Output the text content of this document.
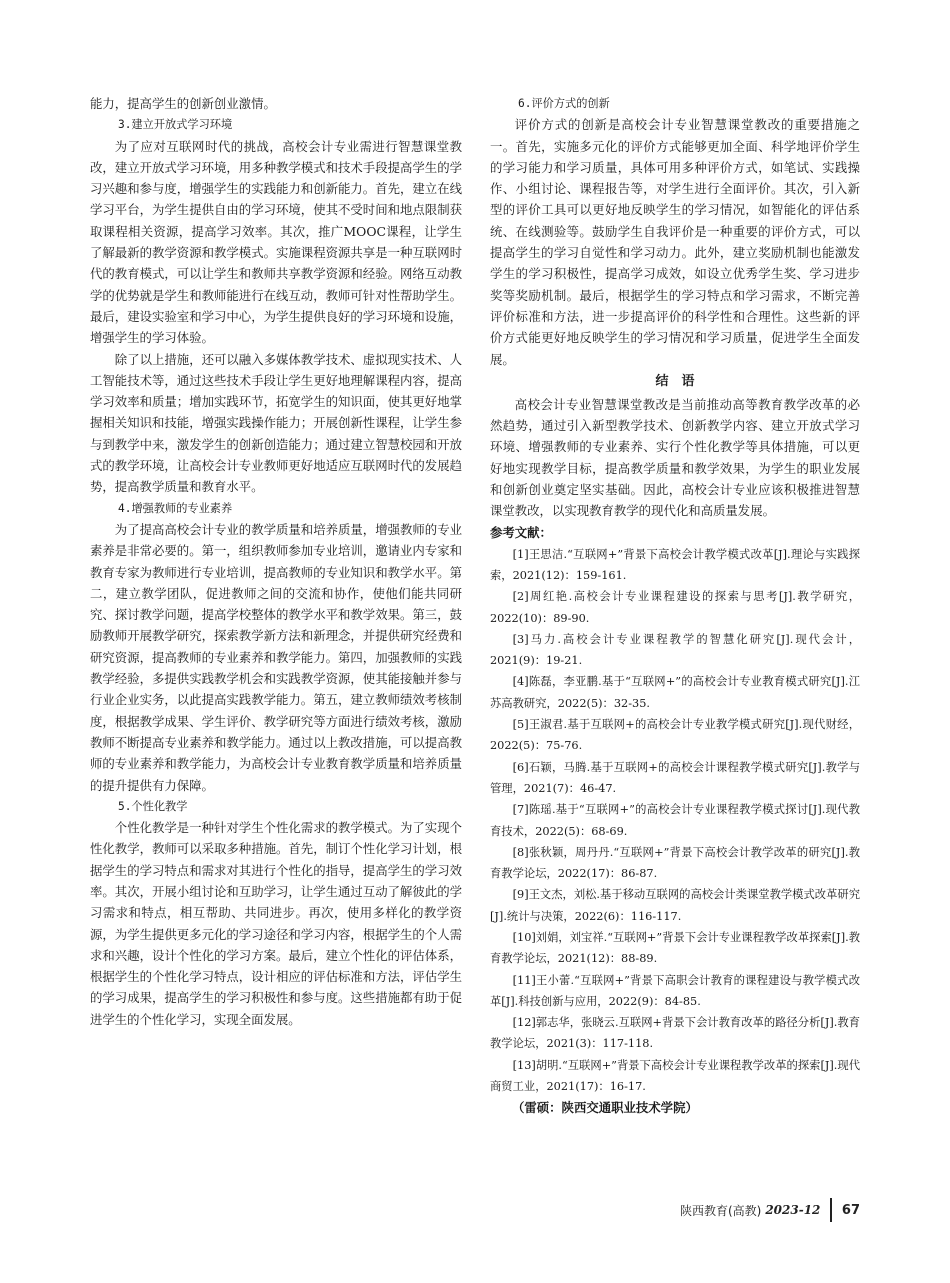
能力，提高学生的创新创业激情。

3.建立开放式学习环境

为了应对互联网时代的挑战，高校会计专业需进行智慧课堂教改，建立开放式学习环境，用多种教学模式和技术手段提高学生的学习兴趣和参与度，增强学生的实践能力和创新能力。首先，建立在线学习平台，为学生提供自由的学习环境，使其不受时间和地点限制获取课程相关资源，提高学习效率。其次，推广MOOC课程，让学生了解最新的教学资源和教学模式。实施课程资源共享是一种互联网时代的教育模式，可以让学生和教师共享教学资源和经验。网络互动教学的优势就是学生和教师能进行在线互动，教师可针对性帮助学生。最后，建设实验室和学习中心，为学生提供良好的学习环境和设施，增强学生的学习体验。

除了以上措施，还可以融入多媒体教学技术、虚拟现实技术、人工智能技术等，通过这些技术手段让学生更好地理解课程内容，提高学习效率和质量；增加实践环节，拓宽学生的知识面，使其更好地掌握相关知识和技能，增强实践操作能力；开展创新性课程，让学生参与到教学中来，激发学生的创新创造能力；通过建立智慧校园和开放式的教学环境，让高校会计专业教师更好地适应互联网时代的发展趋势，提高教学质量和教育水平。

4.增强教师的专业素养

为了提高高校会计专业的教学质量和培养质量，增强教师的专业素养是非常必要的。第一，组织教师参加专业培训，邀请业内专家和教育专家为教师进行专业培训，提高教师的专业知识和教学水平。第二，建立教学团队，促进教师之间的交流和协作，使他们能共同研究、探讨教学问题，提高学校整体的教学水平和教学效果。第三，鼓励教师开展教学研究，探索教学新方法和新理念，并提供研究经费和研究资源，提高教师的专业素养和教学能力。第四，加强教师的实践教学经验，多提供实践教学机会和实践教学资源，使其能接触并参与行业企业实务，以此提高实践教学能力。第五，建立教师绩效考核制度，根据教学成果、学生评价、教学研究等方面进行绩效考核，激励教师不断提高专业素养和教学能力。通过以上教改措施，可以提高教师的专业素养和教学能力，为高校会计专业教育教学质量和培养质量的提升提供有力保障。

5.个性化教学

个性化教学是一种针对学生个性化需求的教学模式。为了实现个性化教学，教师可以采取多种措施。首先，制订个性化学习计划，根据学生的学习特点和需求对其进行个性化的指导，提高学生的学习效率。其次，开展小组讨论和互助学习，让学生通过互动了解彼此的学习需求和特点，相互帮助、共同进步。再次，使用多样化的教学资源，为学生提供更多元化的学习途径和学习内容，根据学生的个人需求和兴趣，设计个性化的学习方案。最后，建立个性化的评估体系，根据学生的个性化学习特点，设计相应的评估标准和方法，评估学生的学习成果，提高学生的学习积极性和参与度。这些措施都有助于促进学生的个性化学习，实现全面发展。

6.评价方式的创新

评价方式的创新是高校会计专业智慧课堂教改的重要措施之一。首先，实施多元化的评价方式能够更加全面、科学地评价学生的学习能力和学习质量，具体可用多种评价方式，如笔试、实践操作、小组讨论、课程报告等，对学生进行全面评价。其次，引入新型的评价工具可以更好地反映学生的学习情况，如智能化的评估系统、在线测验等。鼓励学生自我评价是一种重要的评价方式，可以提高学生的学习自觉性和学习动力。此外，建立奖励机制也能激发学生的学习积极性，提高学习成效，如设立优秀学生奖、学习进步奖等奖励机制。最后，根据学生的学习特点和学习需求，不断完善评价标准和方法，进一步提高评价的科学性和合理性。这些新的评价方式能更好地反映学生的学习情况和学习质量，促进学生全面发展。

结　语

高校会计专业智慧课堂教改是当前推动高等教育教学改革的必然趋势，通过引入新型教学技术、创新教学内容、建立开放式学习环境、增强教师的专业素养、实行个性化教学等具体措施，可以更好地实现教学目标，提高教学质量和教学效果，为学生的职业发展和创新创业奠定坚实基础。因此，高校会计专业应该积极推进智慧课堂教改，以实现教育教学的现代化和高质量发展。

参考文献：

[1]王思洁.“互联网+”背景下高校会计教学模式改革[J].理论与实践探索，2021(12)：159-161.

[2]周红艳.高校会计专业课程建设的探索与思考[J].教学研究，2022(10)：89-90.

[3]马力.高校会计专业课程教学的智慧化研究[J].现代会计，2021(9)：19-21.

[4]陈磊，李亚鹏.基于“互联网+”的高校会计专业教育模式研究[J].江苏高教研究，2022(5)：32-35.

[5]王淑君.基于互联网+的高校会计专业教学模式研究[J].现代财经，2022(5)：75-76.

[6]石颖，马腾.基于互联网+的高校会计课程教学模式研究[J].教学与管理，2021(7)：46-47.

[7]陈瑶.基于“互联网+”的高校会计专业课程教学模式探讨[J].现代教育技术，2022(5)：68-69.

[8]张秋颖，周丹丹.“互联网+”背景下高校会计教学改革的研究[J].教育教学论坛，2022(17)：86-87.

[9]王文杰，刘松.基于移动互联网的高校会计类课堂教学模式改革研究[J].统计与决策，2022(6)：116-117.

[10]刘娟，刘宝祥.“互联网+”背景下会计专业课程教学改革探索[J].教育教学论坛，2021(12)：88-89.

[11]王小蕾.“互联网+”背景下高职会计教育的课程建设与教学模式改革[J].科技创新与应用，2022(9)：84-85.

[12]郭志华，张晓云.互联网+背景下会计教育改革的路径分析[J].教育教学论坛，2021(3)：117-118.

[13]胡明.“互联网+”背景下高校会计专业课程教学改革的探索[J].现代商贸工业，2021(17)：16-17.

（雷硕：陕西交通职业技术学院）

陕西教育(高教) 2023-12 67
